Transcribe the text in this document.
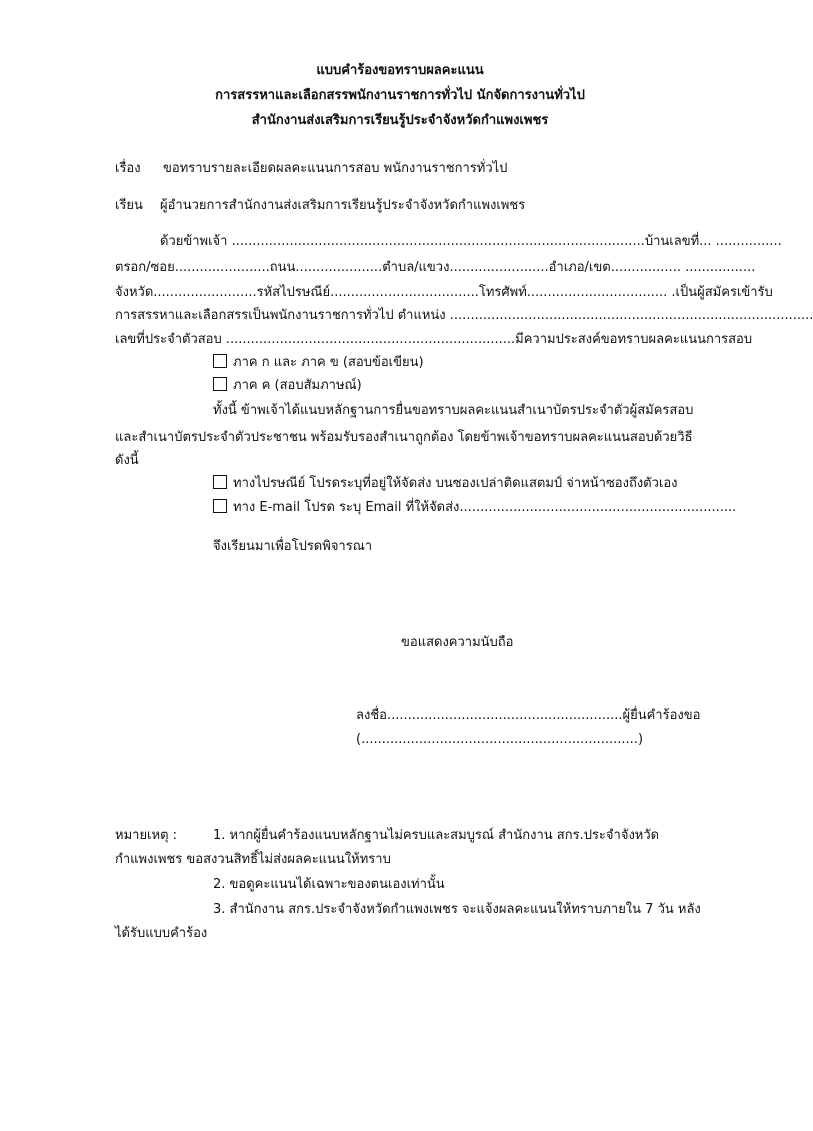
แบบคำร้องขอทราบผลคะแนน
การสรรหาและเลือกสรรพนักงานราชการทั่วไป นักจัดการงานทั่วไป
สำนักงานส่งเสริมการเรียนรู้ประจำจังหวัดกำแพงเพชร
เรื่อง ขอทราบรายละเอียดผลคะแนนการสอบ พนักงานราชการทั่วไป
เรียน ผู้อำนวยการสำนักงานส่งเสริมการเรียนรู้ประจำจังหวัดกำแพงเพชร
ด้วยข้าพเจ้า ....................................................................................................บ้านเลขที่... ................
ตรอก/ซอย.......................ถนน.....................ตำบล/แขวง........................อำเภอ/เขต................. .................
จังหวัด.........................รหัสไปรษณีย์....................................โทรศัพท์.................................. .เป็นผู้สมัครเข้ารับ
การสรรหาและเลือกสรรเป็นพนักงานราชการทั่วไป ตำแหน่ง ........................................................................................
เลขที่ประจำตัวสอบ ......................................................................มีความประสงค์ขอทราบผลคะแนนการสอบ
ภาค ก และ ภาค ข (สอบข้อเขียน)
ภาค ค (สอบสัมภาษณ์)
ทั้งนี้ ข้าพเจ้าได้แนบหลักฐานการยื่นขอทราบผลคะแนนสำเนาบัตรประจำตัวผู้สมัครสอบ
และสำเนาบัตรประจำตัวประชาชน พร้อมรับรองสำเนาถูกต้อง โดยข้าพเจ้าขอทราบผลคะแนนสอบด้วยวิธี
ดังนี้
ทางไปรษณีย์ โปรดระบุที่อยู่ให้จัดส่ง บนซองเปล่าติดแสตมป์ จ่าหน้าซองถึงตัวเอง
ทาง E-mail โปรด ระบุ Email ที่ให้จัดส่ง...................................................................
จึงเรียนมาเพื่อโปรดพิจารณา
ขอแสดงความนับถือ
ลงชื่อ.........................................................ผู้ยื่นคำร้องขอ
(...................................................................)
หมายเหตุ :	1. หากผู้ยื่นคำร้องแนบหลักฐานไม่ครบและสมบูรณ์ สำนักงาน สกร.ประจำจังหวัด
กำแพงเพชร ขอสงวนสิทธิ์ไม่ส่งผลคะแนนให้ทราบ
2. ขอดูคะแนนได้เฉพาะของตนเองเท่านั้น
3. สำนักงาน สกร.ประจำจังหวัดกำแพงเพชร จะแจ้งผลคะแนนให้ทราบภายใน 7 วัน หลัง
ได้รับแบบคำร้อง
